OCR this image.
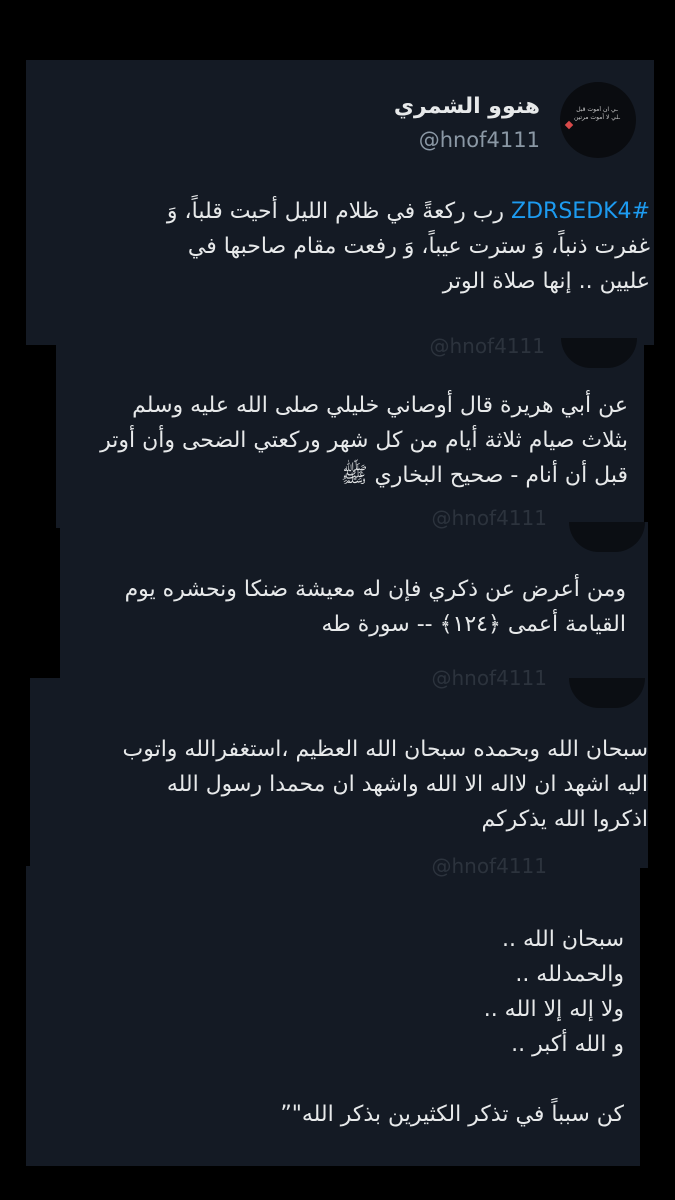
@hnof4111
@hnof4111
@hnof4111
@hnof4111
ـي ان أموت قبل
ـلي لا أموت مرتين
هنوو الشمري
@hnof4111
#ZDRSEDK4 رب ركعةً في ظلام الليل أحيت قلباً، وَ
غفرت ذنباً، وَ سترت عيباً، وَ رفعت مقام صاحبها في
عليين .. إنها صلاة الوتر
عن أبي هريرة قال أوصاني خليلي صلى الله عليه وسلم
بثلاث صيام ثلاثة أيام من كل شهر وركعتي الضحى وأن أوتر
قبل أن أنام - صحيح البخاري ﷺ
ومن أعرض عن ذكري فإن له معيشة ضنكا ونحشره يوم
القيامة أعمى ﴿١٢٤﴾ -- سورة طه
سبحان الله وبحمده سبحان الله العظيم ،استغفرالله واتوب
اليه اشهد ان لااله الا الله واشهد ان محمدا رسول الله
اذكروا الله يذكركم
سبحان الله ..
والحمدلله ..
ولا إله إلا الله ..
و الله أكبر ..
كن سبباً في تذكر الكثيرين بذكر الله"”
